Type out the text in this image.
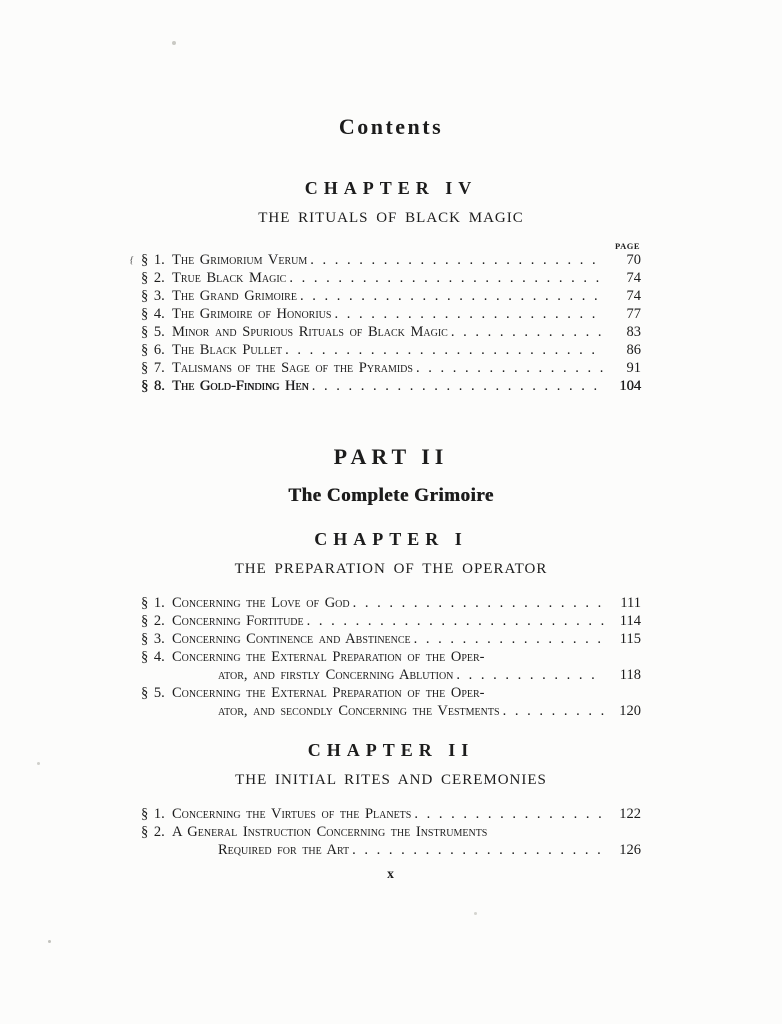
Contents
CHAPTER IV
THE RITUALS OF BLACK MAGIC
PAGE
{ § 1. The Grimorium Verum . . .	70
§ 2. True Black Magic . . .	74
§ 3. The Grand Grimoire . . .	74
§ 4. The Grimoire of Honorius . . .	77
§ 5. Minor and Spurious Rituals of Black Magic . . .	83
§ 6. The Black Pullet . . .	86
§ 7. Talismans of the Sage of the Pyramids . . .	91
§ 8. The Gold-Finding Hen . . .	104
PART II
The Complete Grimoire
CHAPTER I
THE PREPARATION OF THE OPERATOR
§ 1. Concerning the Love of God . . .	111
§ 2. Concerning Fortitude . . .	114
§ 3. Concerning Continence and Abstinence . . .	115
§ 4. Concerning the External Preparation of the Oper-
ator, and firstly Concerning Ablution . . .	118
§ 5. Concerning the External Preparation of the Oper-
ator, and secondly Concerning the Vestments . . .	120
CHAPTER II
THE INITIAL RITES AND CEREMONIES
§ 1. Concerning the Virtues of the Planets . . .	122
§ 2. A General Instruction Concerning the Instruments
Required for the Art . . .	126
x
